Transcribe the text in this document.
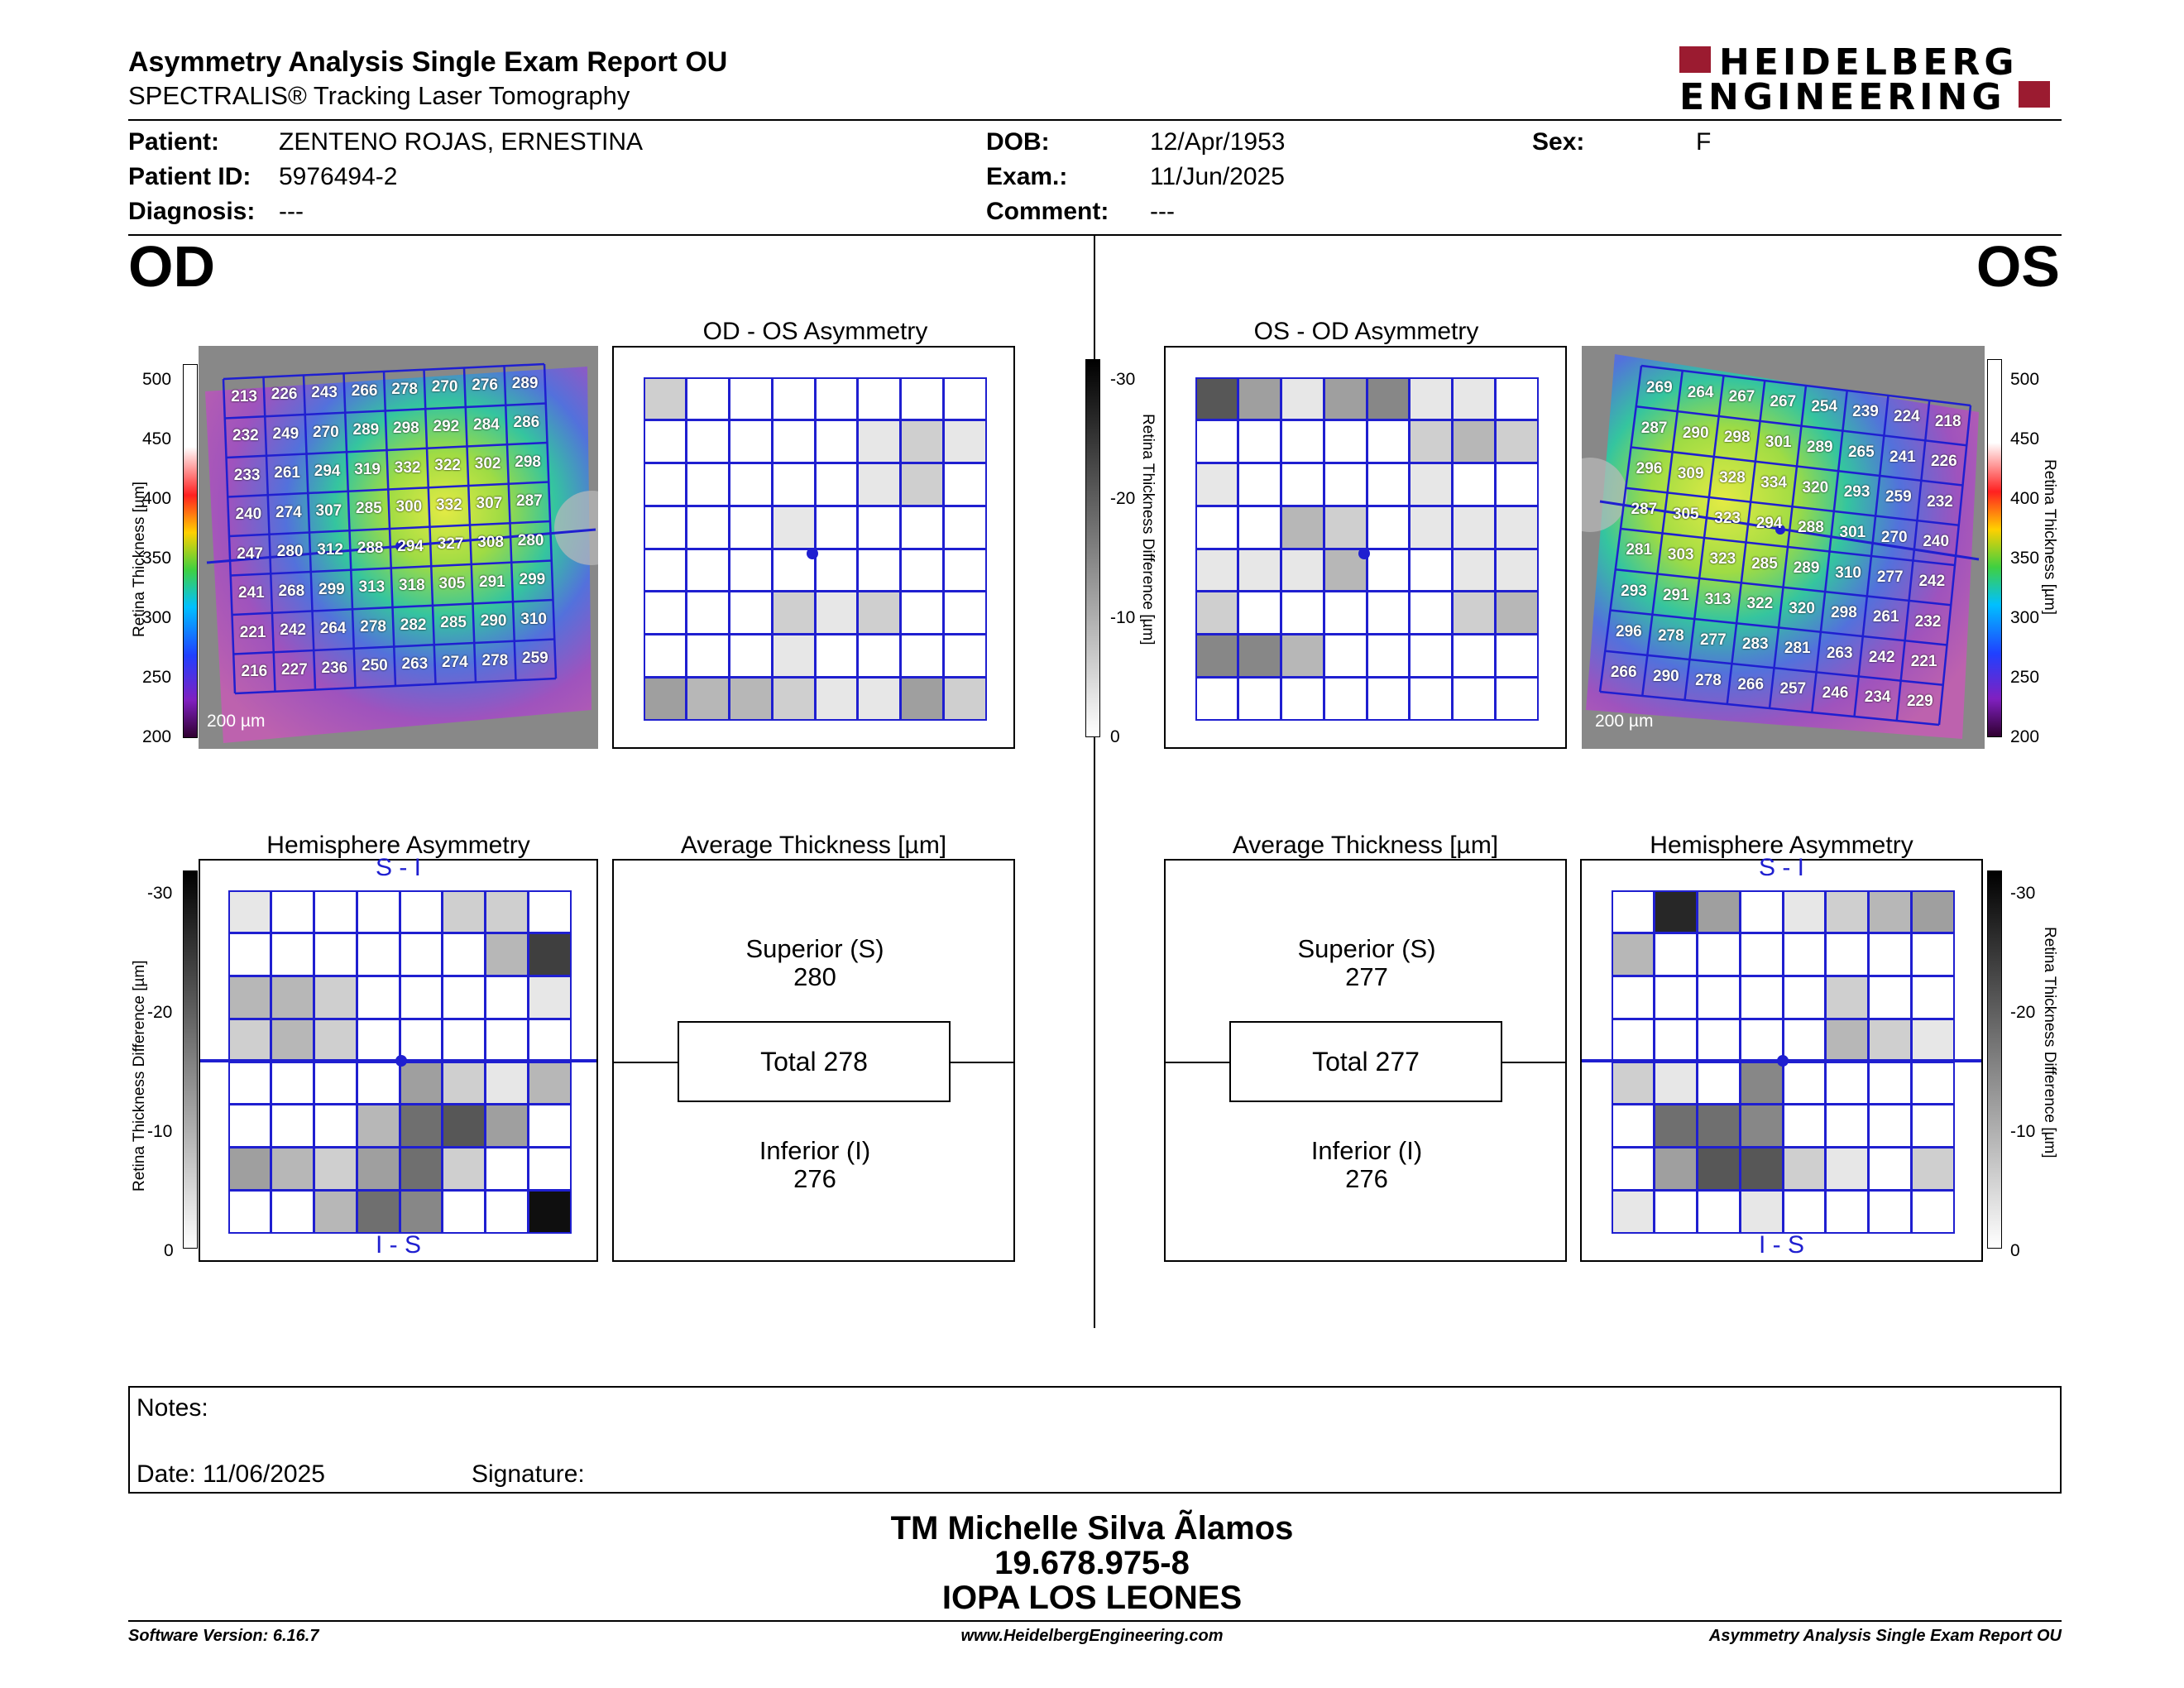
Asymmetry Analysis Single Exam Report OU
SPECTRALIS® Tracking Laser Tomography
HEIDELBERG
ENGINEERING
Patient: ZENTENO ROJAS, ERNESTINA
Patient ID: 5976494-2
Diagnosis: ---
DOB:	12/Apr/1953
Exam.:	11/Jun/2025
Comment: ---
Sex:	F
OD	OS
500
450
400
350
300
250
200
Retina Thickness [µm]
213 226 243 266 278 270 276 289
232 249 270 289 298 292 284 286
233 261 294 319 332 322 302 298
240 274 307 285 300 332 307 287
247 280 312 288 294 327 308 280
241 268 299 313 318 305 291 299
221 242 264 278 282 285 290 310
216 227 236 250 263 274 278 259
200 µm
OD - OS Asymmetry
-30
-20
-10
0
Retina Thickness Difference [µm]
OS - OD Asymmetry
269 264 267 267 254 239 224 218
287 290 298 301 289 265 241 226
296 309 328 334 320 293 259 232
287 305 323 294 288 301 270 240
281 303 323 285 289 310 277 242
293	291	313	322	320	298	261	232
296	278	277	283	281	263	242	221
266	290	278	266	257	246	234	229
200 µm
500
450
400
350
300
250
200
Retina Thickness [µm]
-30
-20
-10
0
Retina Thickness Difference [µm]
Hemisphere Asymmetry
S - I
I - S
Average Thickness [µm]
Superior (S)
280
Total 278
Inferior (I)
276
Average Thickness [µm]
Superior (S)
277
Total 277
Inferior (I)
276
Hemisphere Asymmetry
S - I
I - S
-30
-20
-10
0
Retina Thickness Difference [µm]
Notes:
Date: 11/06/2025	Signature:
TM Michelle Silva Ãlamos
19.678.975-8
IOPA LOS LEONES
Software Version: 6.16.7	www.HeidelbergEngineering.com	Asymmetry Analysis Single Exam Report OU
